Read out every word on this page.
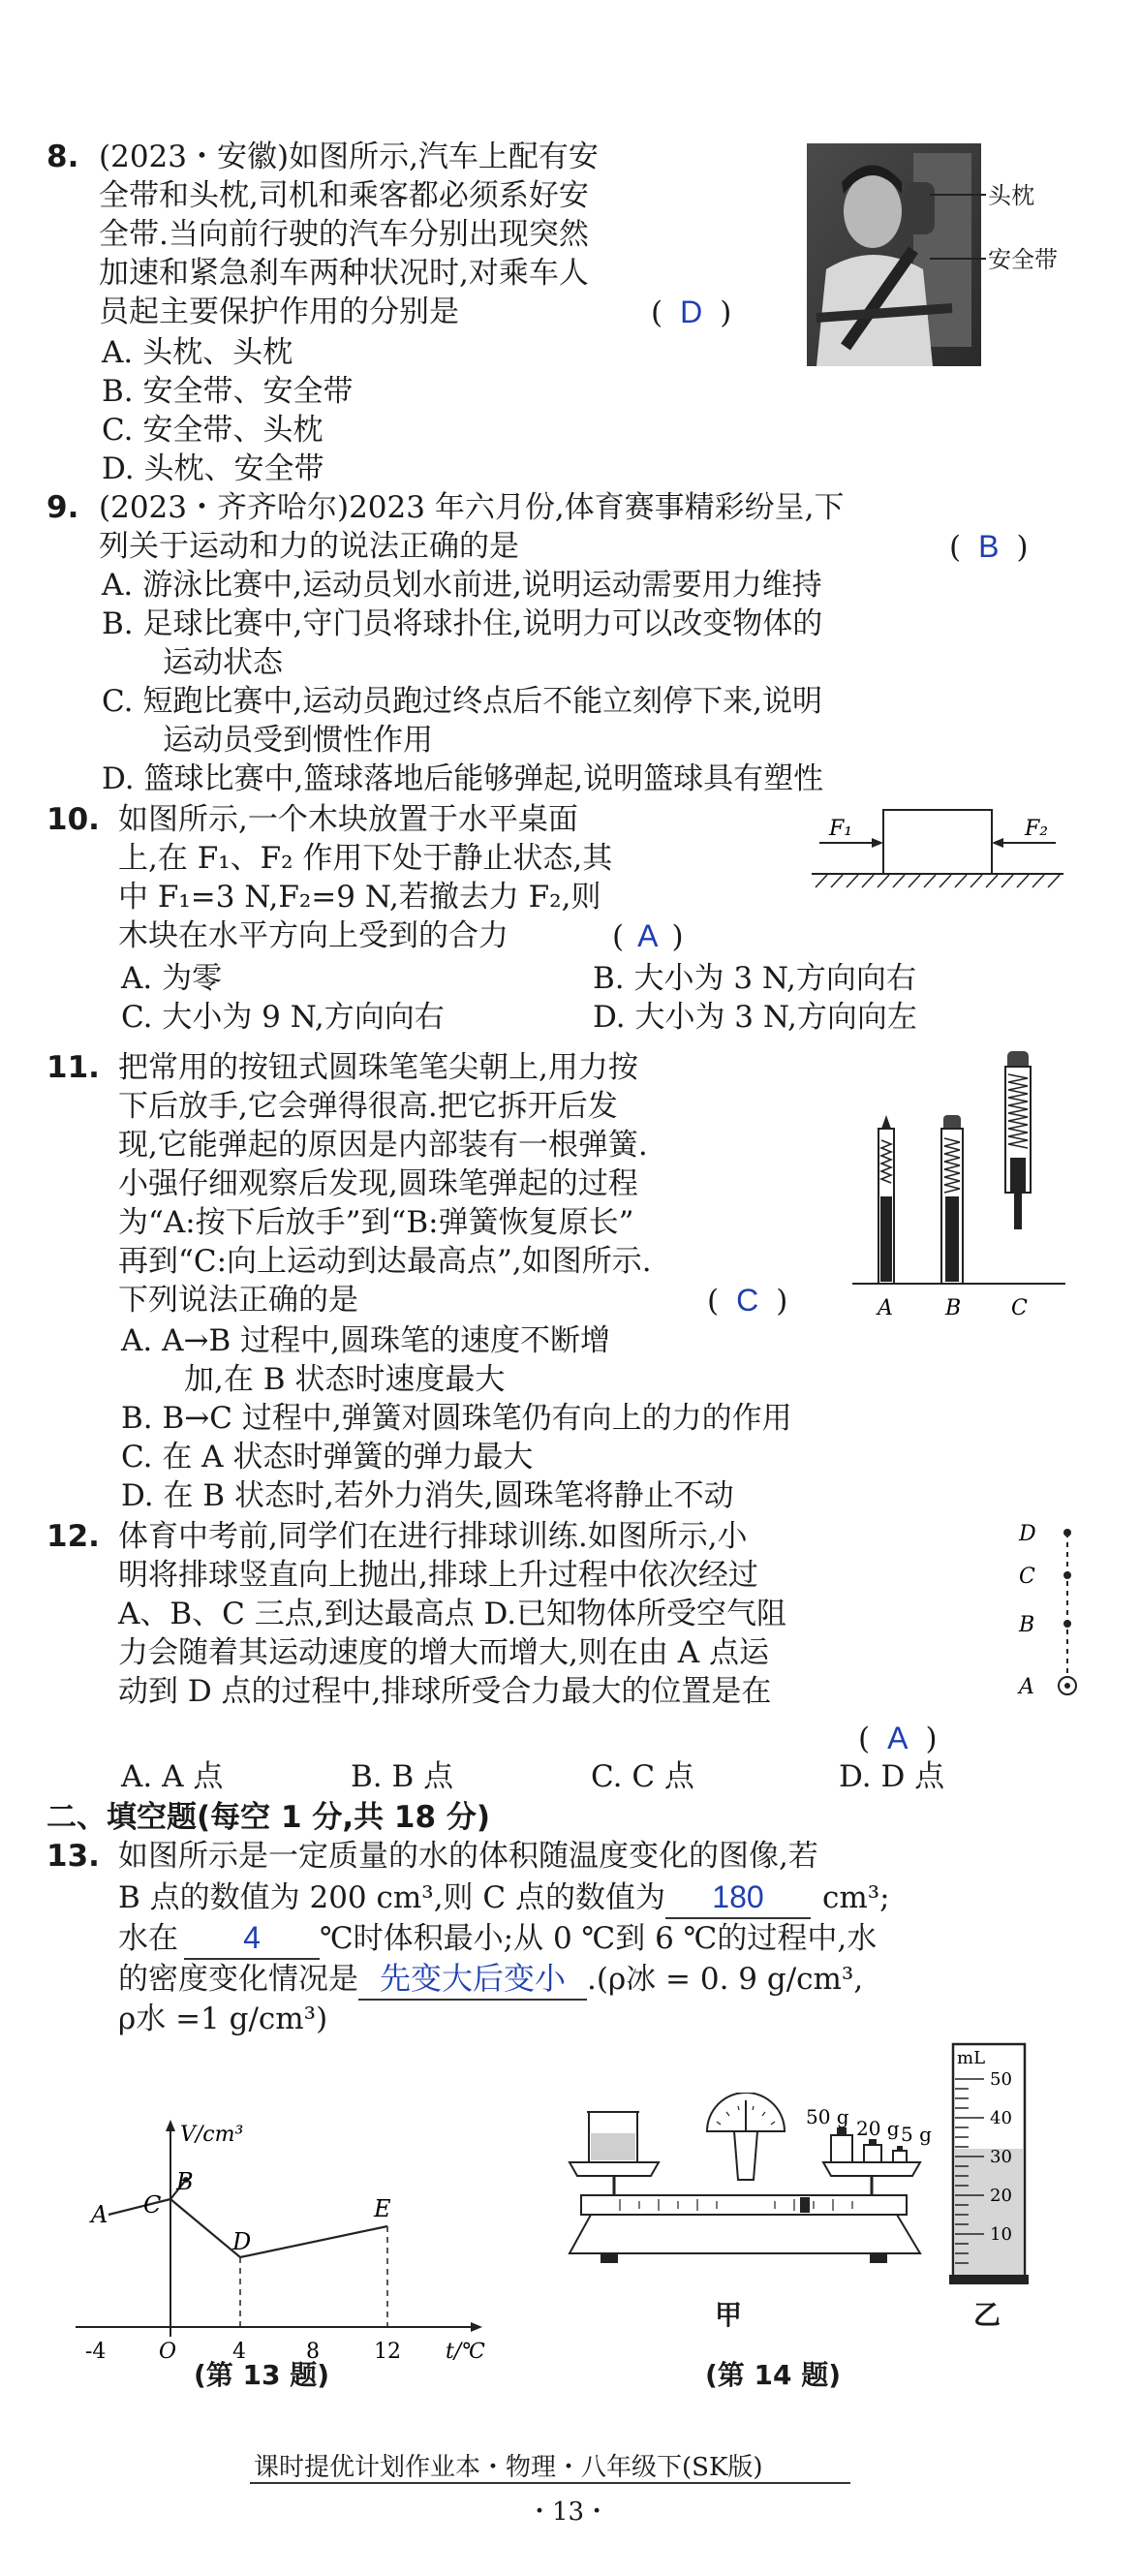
8. (2023・安徽)如图所示,汽车上配有安
全带和头枕,司机和乘客都必须系好安
全带.当向前行驶的汽车分别出现突然
加速和紧急刹车两种状况时,对乘车人
员起主要保护作用的分别是	( D )
A. 头枕、头枕
B. 安全带、安全带
C. 安全带、头枕
D. 头枕、安全带
头枕
安全带
9. (2023・齐齐哈尔)2023 年六月份,体育赛事精彩纷呈,下
列关于运动和力的说法正确的是	( B )
A. 游泳比赛中,运动员划水前进,说明运动需要用力维持
B. 足球比赛中,守门员将球扑住,说明力可以改变物体的
运动状态
C. 短跑比赛中,运动员跑过终点后不能立刻停下来,说明
运动员受到惯性作用
D. 篮球比赛中,篮球落地后能够弹起,说明篮球具有塑性
10. 如图所示,一个木块放置于水平桌面
上,在 F₁、F₂ 作用下处于静止状态,其
中 F₁=3 N,F₂=9 N,若撤去力 F₂,则
木块在水平方向上受到的合力	( A )
A. 为零	B. 大小为 3 N,方向向右
C. 大小为 9 N,方向向右	D. 大小为 3 N,方向向左
F₁	F₂
11. 把常用的按钮式圆珠笔笔尖朝上,用力按
下后放手,它会弹得很高.把它拆开后发
现,它能弹起的原因是内部装有一根弹簧.
小强仔细观察后发现,圆珠笔弹起的过程
为“A:按下后放手”到“B:弹簧恢复原长”
再到“C:向上运动到达最高点”,如图所示.
下列说法正确的是	( C )
A. A→B 过程中,圆珠笔的速度不断增
加,在 B 状态时速度最大
B. B→C 过程中,弹簧对圆珠笔仍有向上的力的作用
C. 在 A 状态时弹簧的弹力最大
D. 在 B 状态时,若外力消失,圆珠笔将静止不动
A B C
12. 体育中考前,同学们在进行排球训练.如图所示,小
明将排球竖直向上抛出,排球上升过程中依次经过
A、B、C 三点,到达最高点 D.已知物体所受空气阻
力会随着其运动速度的增大而增大,则在由 A 点运
动到 D 点的过程中,排球所受合力最大的位置是在
( A )
A. A 点	B. B 点	C. C 点	D. D 点
D
C
B
A
二、填空题(每空 1 分,共 18 分)
13. 如图所示是一定质量的水的体积随温度变化的图像,若
B 点的数值为 200 cm³,则 C 点的数值为 180 cm³;
水在 4 ℃时体积最小;从 0 ℃到 6 ℃的过程中,水
的密度变化情况是 先变大后变小 .(ρ冰 = 0. 9 g/cm³,
ρ水 =1 g/cm³)
V/cm³
t/℃
A
B
C
D
E
-4 O	4	8	12
(第 13 题)
50 g 20 g 5 g
甲
mL
50
40
30
20
10
乙
(第 14 题)
课时提优计划作业本・物理・八年级下(SK版)
・13・
